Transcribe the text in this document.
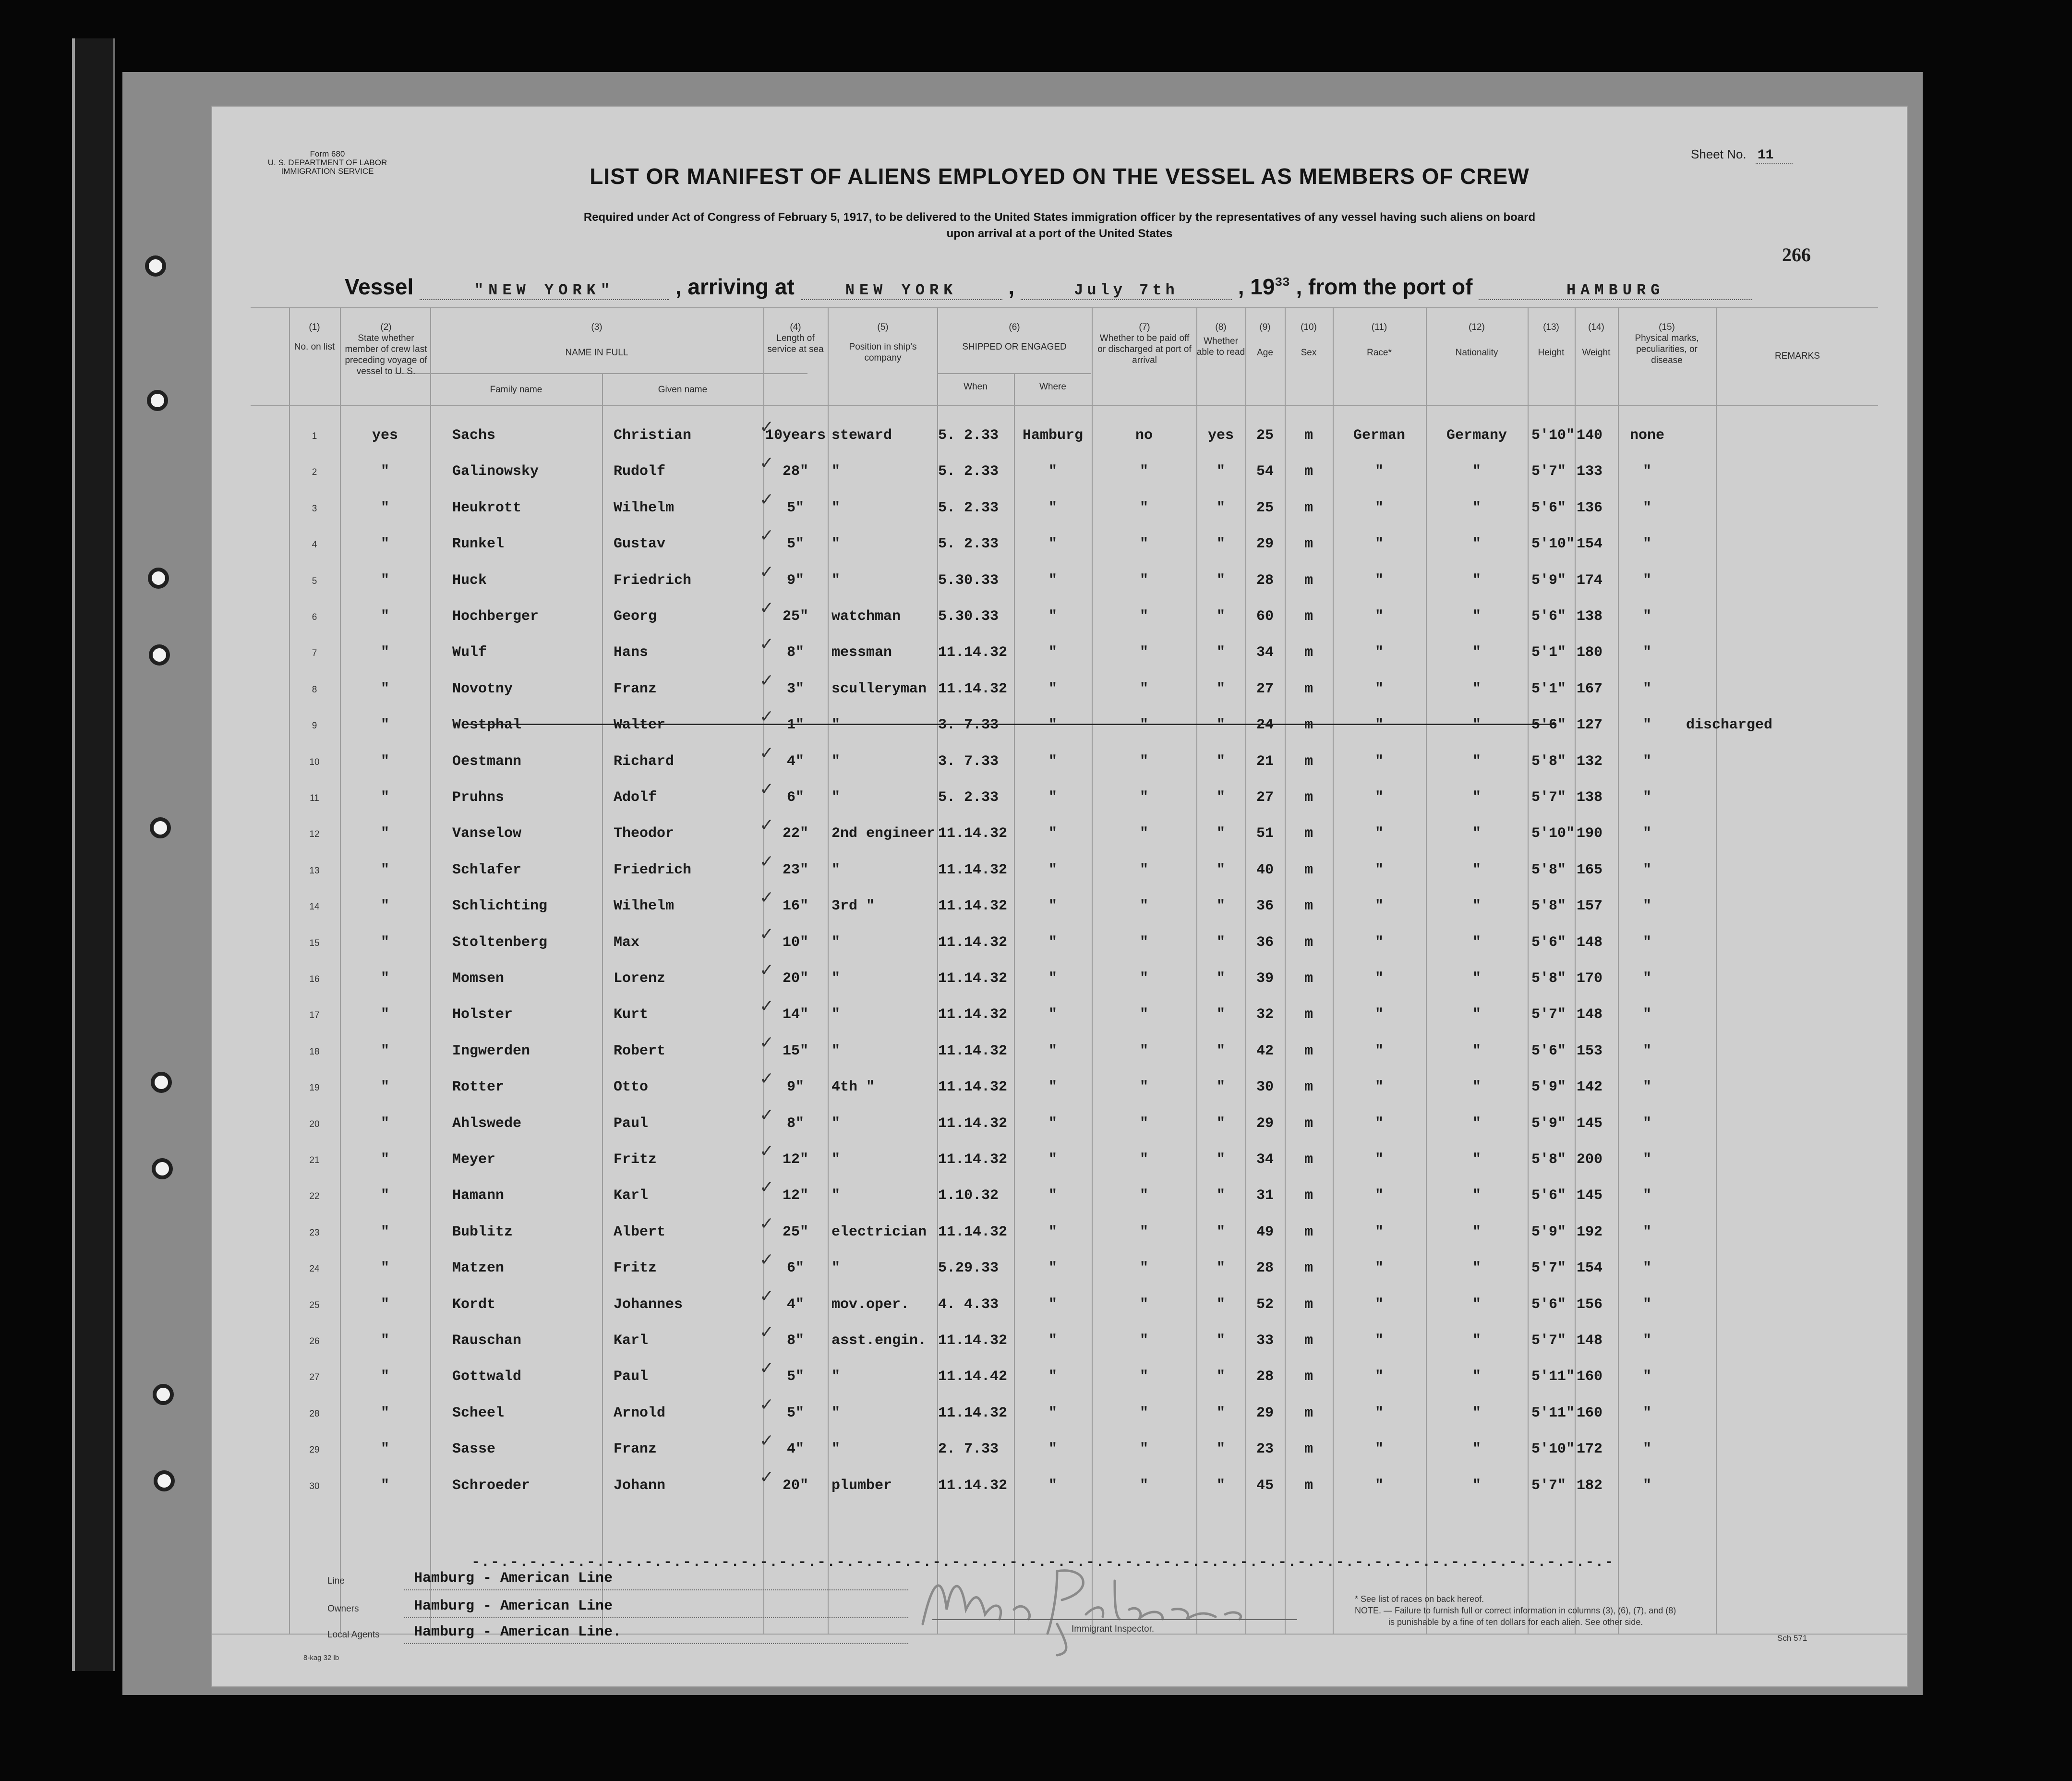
Form 680
U. S. DEPARTMENT OF LABOR
IMMIGRATION SERVICE
Sheet No. 11
266
LIST OR MANIFEST OF ALIENS EMPLOYED ON THE VESSEL AS MEMBERS OF CREW
Required under Act of Congress of February 5, 1917, to be delivered to the United States immigration officer by the representatives of any vessel having such aliens on board
upon arrival at a port of the United States
Vessel	"NEW YORK"	, arriving at	NEW YORK ,	July 7th	, $19^{33}$ , from the port of	HAMBURG
(1)
No. on list
(2)
State whether member of crew last preceding voyage of vessel to U. S.
(3)
NAME IN FULL
Family name	Given name
(4)
Length of service at sea
(5)
Position in ship's company
(6)
SHIPPED OR ENGAGED
When	Where
(7)
Whether to be paid off or discharged at port of arrival
(8)
Whether able to read
(9)
Age
(10)
Sex
(11)
Race*
(12)
Nationality
(13)
Height
(14)
Weight
(15)
Physical marks, peculiarities, or disease	REMARKS
1	yes	Sachs	Christian	10years steward	5. 2.33	Hamburg	no	yes	25	m	German	Germany	5'10" 140	none
✓
2	"	Galinowsky	Rudolf	28"	"	5. 2.33	"	"	"	54	m	"	"	5'7" 133	"
✓
3	"	Heukrott	Wilhelm	5"	"	5. 2.33	"	"	"	25	m	"	"	5'6" 136	"
✓
4	"	Runkel	Gustav	5"	"	5. 2.33	"	"	"	29	m	"	"	5'10" 154	"
✓
5	"	Huck	Friedrich	9"	"	5.30.33	"	"	"	28	m	"	"	5'9" 174	"
✓
6	"	Hochberger	Georg	25"	watchman	5.30.33	"	"	"	60	m	"	"	5'6" 138	"
✓
7	"	Wulf	Hans	8"	messman	11.14.32	"	"	"	34	m	"	"	5'1" 180	"
✓
8	"	Novotny	Franz	3"	sculleryman 11.14.32	"	"	"	27	m	"	"	5'1" 167	"
✓
9	"	Westphal	Walter	1"	"	3. 7.33	"	"	"	24	m	"	"	5'6" 127	"	discharged
✓
10	"	Oestmann	Richard	4"	"	3. 7.33	"	"	"	21	m	"	"	5'8" 132	"
✓
11	"	Pruhns	Adolf	6"	"	5. 2.33	"	"	"	27	m	"	"	5'7" 138	"
✓
12	"	Vanselow	Theodor	22"	2nd engineer 11.14.32	"	"	"	51	m	"	"	5'10" 190	"
✓
13	"	Schlafer	Friedrich	23"	"	11.14.32	"	"	"	40	m	"	"	5'8" 165	"
✓
14	"	Schlichting	Wilhelm	16"	3rd "	11.14.32	"	"	"	36	m	"	"	5'8" 157	"
✓
15	"	Stoltenberg	Max	10"	"	11.14.32	"	"	"	36	m	"	"	5'6" 148	"
✓
16	"	Momsen	Lorenz	20"	"	11.14.32	"	"	"	39	m	"	"	5'8" 170	"
✓
17	"	Holster	Kurt	14"	"	11.14.32	"	"	"	32	m	"	"	5'7" 148	"
✓
18	"	Ingwerden	Robert	15"	"	11.14.32	"	"	"	42	m	"	"	5'6" 153	"
✓
19	"	Rotter	Otto	9"	4th "	11.14.32	"	"	"	30	m	"	"	5'9" 142	"
✓
20	"	Ahlswede	Paul	8"	"	11.14.32	"	"	"	29	m	"	"	5'9" 145	"
✓
21	"	Meyer	Fritz	12"	"	11.14.32	"	"	"	34	m	"	"	5'8" 200	"
✓
22	"	Hamann	Karl	12"	"	1.10.32	"	"	"	31	m	"	"	5'6" 145	"
✓
23	"	Bublitz	Albert	25"	electrician 11.14.32	"	"	"	49	m	"	"	5'9" 192	"
✓
24	"	Matzen	Fritz	6"	"	5.29.33	"	"	"	28	m	"	"	5'7" 154	"
✓
25	"	Kordt	Johannes	4"	mov.oper.	4. 4.33	"	"	"	52	m	"	"	5'6" 156	"
✓
26	"	Rauschan	Karl	8"	asst.engin. 11.14.32	"	"	"	33	m	"	"	5'7" 148	"
✓
27	"	Gottwald	Paul	5"	"	11.14.42	"	"	"	28	m	"	"	5'11" 160	"
✓
28	"	Scheel	Arnold	5"	"	11.14.32	"	"	"	29	m	"	"	5'11" 160	"
✓
29	"	Sasse	Franz	4"	"	2. 7.33	"	"	"	23	m	"	"	5'10" 172	"
✓
30	"	Schroeder	Johann	20"	plumber	11.14.32	"	"	"	45	m	"	"	5'7" 182	"
✓
-.-.-.-.-.-.-.-.-.-.-.-.-.-.-.-.-.-.-.-.-.-.-.-.-.-.-.-.-.-.-.-.-.-.-.-.-.-.-.-.-.-.-.-.-.-.-.-.-.-.-.-.-.-.-.-.-.-.-.-
Line	Hamburg - American Line
Owners	Hamburg - American Line
Local Agents Hamburg - American Line.
8-kag 32 lb
Immigrant Inspector.
* See list of races on back hereof.
NOTE. — Failure to furnish full or correct information in columns (3), (6), (7), and (8)
is punishable by a fine of ten dollars for each alien. See other side.
Sch 571
